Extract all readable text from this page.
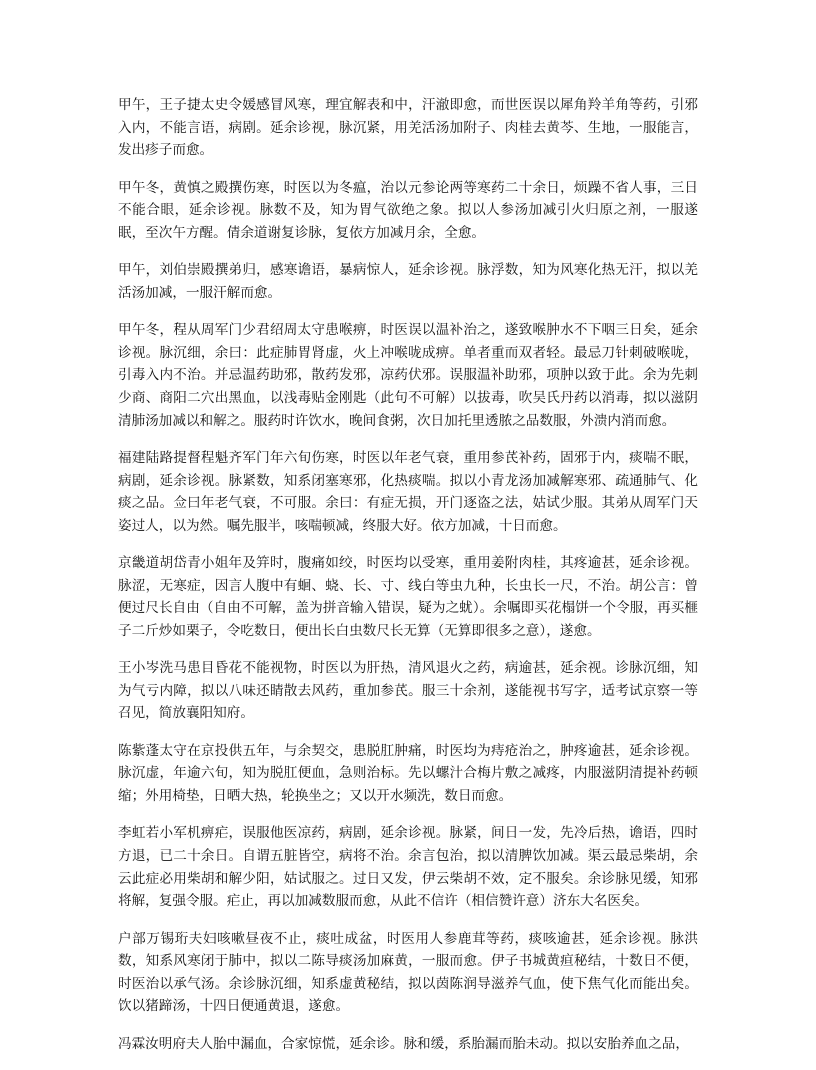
甲午，王子捷太史令媛感冒风寒，理宜解表和中，汗澈即愈，而世医误以犀角羚羊角等药，引邪入内，不能言语，病剧。延余诊视，脉沉紧，用羌活汤加附子、肉桂去黄芩、生地，一服能言，发出疹子而愈。

甲午冬，黄慎之殿撰伤寒，时医以为冬瘟，治以元参论两等寒药二十余日，烦躁不省人事，三日不能合眼，延余诊视。脉数不及，知为胃气欲绝之象。拟以人参汤加减引火归原之剂，一服遂眠，至次午方醒。倩余道谢复诊脉，复依方加减月余，全愈。

甲午，刘伯崇殿撰弟归，感寒谵语，暴病惊人，延余诊视。脉浮数，知为风寒化热无汗，拟以羌活汤加减，一服汗解而愈。

甲午冬，程从周军门少君绍周太守患喉痹，时医误以温补治之，遂致喉肿水不下咽三日矣，延余诊视。脉沉细，余曰：此症肺胃肾虚，火上冲喉咙成痹。单者重而双者轻。最忌刀针刺破喉咙，引毒入内不治。并忌温药助邪，散药发邪，凉药伏邪。误服温补助邪，项肿以致于此。余为先刺少商、商阳二穴出黑血，以浅毒贴金刚匙（此句不可解）以拔毒，吹吴氏丹药以消毒，拟以滋阴清肺汤加减以和解之。服药时许饮水，晚间食粥，次日加托里透脓之品数服，外溃内消而愈。

福建陆路提督程魁齐军门年六旬伤寒，时医以年老气衰，重用参芪补药，固邪于内，痰喘不眠，病剧，延余诊视。脉紧数，知系闭塞寒邪，化热痰喘。拟以小青龙汤加减解寒邪、疏通肺气、化痰之品。佥曰年老气衰，不可服。余曰：有症无损，开门逐盗之法，姑试少服。其弟从周军门天姿过人，以为然。嘱先服半，咳喘顿减，终服大好。依方加减，十日而愈。

京畿道胡岱青小姐年及笄时，腹痛如绞，时医均以受寒，重用姜附肉桂，其疼逾甚，延余诊视。脉涩，无寒症，因言人腹中有蛔、蛲、长、寸、线白等虫九种，长虫长一尺，不治。胡公言：曾便过尺长自由（自由不可解，盖为拼音输入错误，疑为之蚘）。余嘱即买花榻饼一个令服，再买榧子二斤炒如栗子，令吃数日，便出长白虫数尺长无算（无算即很多之意），遂愈。

王小岑洗马患目昏花不能视物，时医以为肝热，清风退火之药，病逾甚，延余视。诊脉沉细，知为气亏内障，拟以八味还睛散去风药，重加参芪。服三十余剂，遂能视书写字，适考试京察一等召见，简放襄阳知府。

陈紫蓬太守在京投供五年，与余契交，患脱肛肿痛，时医均为痔疮治之，肿疼逾甚，延余诊视。脉沉虚，年逾六旬，知为脱肛便血，急则治标。先以螺汁合梅片敷之减疼，内服滋阴清提补药顿缩；外用椅垫，日晒大热，轮换坐之；又以开水频洗，数日而愈。

李虹若小军机痹疟，误服他医凉药，病剧，延余诊视。脉紧，间日一发，先冷后热，谵语，四时方退，已二十余日。自谓五脏皆空，病将不治。余言包治，拟以清脾饮加减。渠云最忌柴胡，余云此症必用柴胡和解少阳，姑试服之。过日又发，伊云柴胡不效，定不服矣。余诊脉见缓，知邪将解，复强令服。疟止，再以加减数服而愈，从此不信许（相信赞许意）济东大名医矣。

户部万锡珩夫妇咳嗽昼夜不止，痰吐成盆，时医用人参鹿茸等药，痰咳逾甚，延余诊视。脉洪数，知系风寒闭于肺中，拟以二陈导痰汤加麻黄，一服而愈。伊子书城黄疸秘结，十数日不便，时医治以承气汤。余诊脉沉细，知系虚黄秘结，拟以茵陈润导滋养气血，使下焦气化而能出矣。饮以猪蹄汤，十四日便通黄退，遂愈。

冯霖汝明府夫人胎中漏血，合家惊慌，延余诊。脉和缓，系胎漏而胎未动。拟以安胎养血之品，
